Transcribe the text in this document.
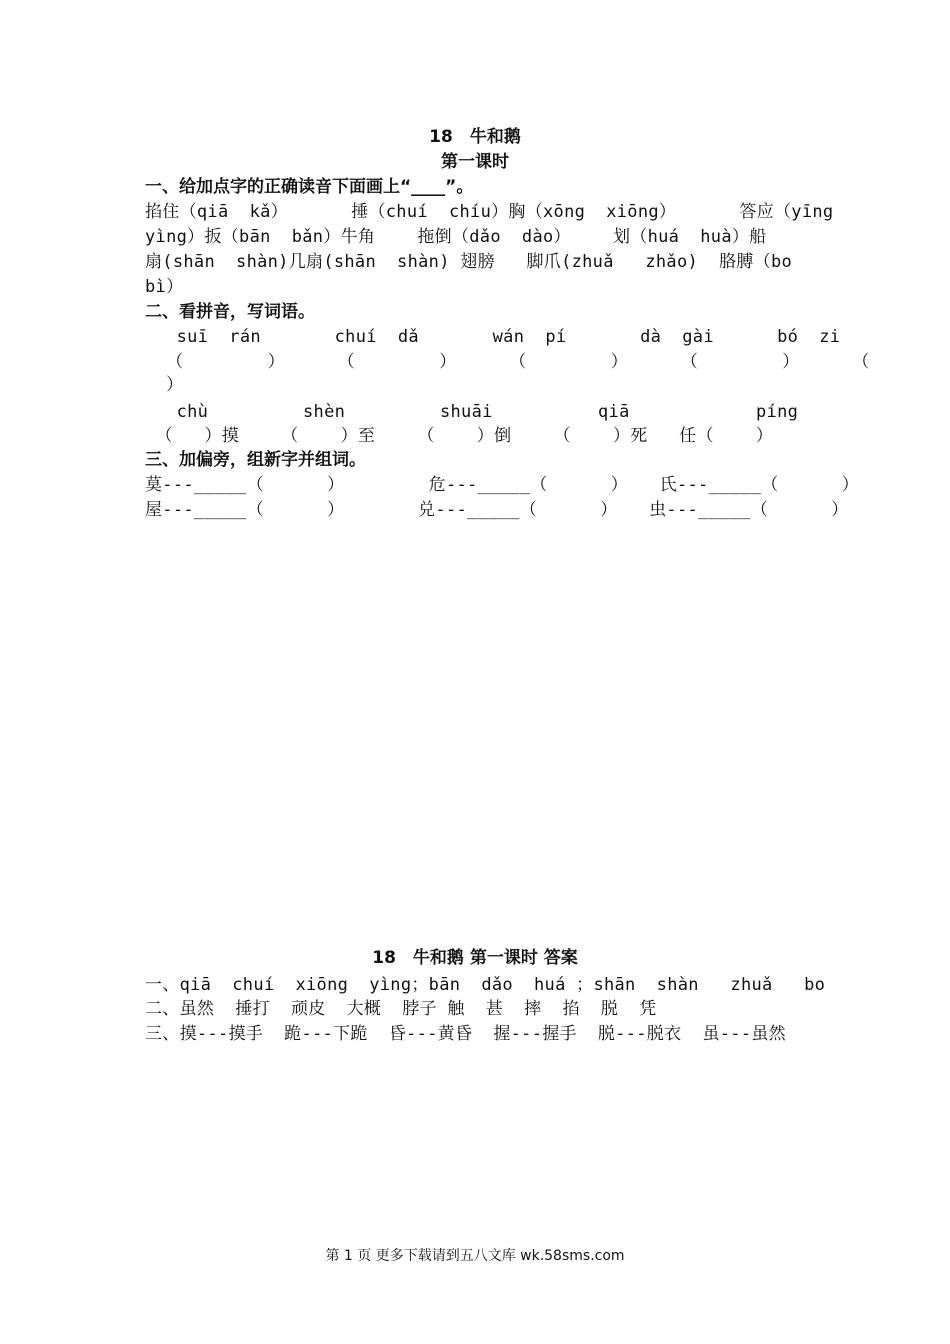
18　牛和鹅
第一课时
一、给加点字的正确读音下面画上“____”。
掐住（qiā  kǎ）      捶（chuí  chíu）胸（xōng  xiōng）      答应（yīng
yìng）扳（bān  bǎn）牛角    拖倒（dǎo  dào）    划（huá  huà）船
扇(shān  shàn)几扇(shān  shàn) 翅膀   脚爪(zhuǎ   zhǎo)  胳膊（bo
bì）
二、看拼音，写词语。
suī  rán       chuí  dǎ       wán  pí       dà  gài      bó  zi
（        ）     （        ）     （        ）     （        ）     （
）
chù         shèn         shuāi          qiā            píng
（   ）摸    （    ）至    （    ）倒    （    ）死   任（    ）
三、加偏旁，组新字并组词。
莫---_____（      ）        危---_____（      ）   氏---_____（      ）
屋---_____（      ）       兑---_____（      ）   虫---_____（      ）
18　牛和鹅 第一课时 答案
一、qiā  chuí  xiōng  yìng；bān  dǎo  huá ；shān  shàn   zhuǎ   bo
二、虽然  捶打  顽皮  大概  脖子 触  甚  摔  掐  脱  凭
三、摸---摸手  跪---下跪  昏---黄昏  握---握手  脱---脱衣  虽---虽然
第 1 页 更多下载请到五八文库 wk.58sms.com
